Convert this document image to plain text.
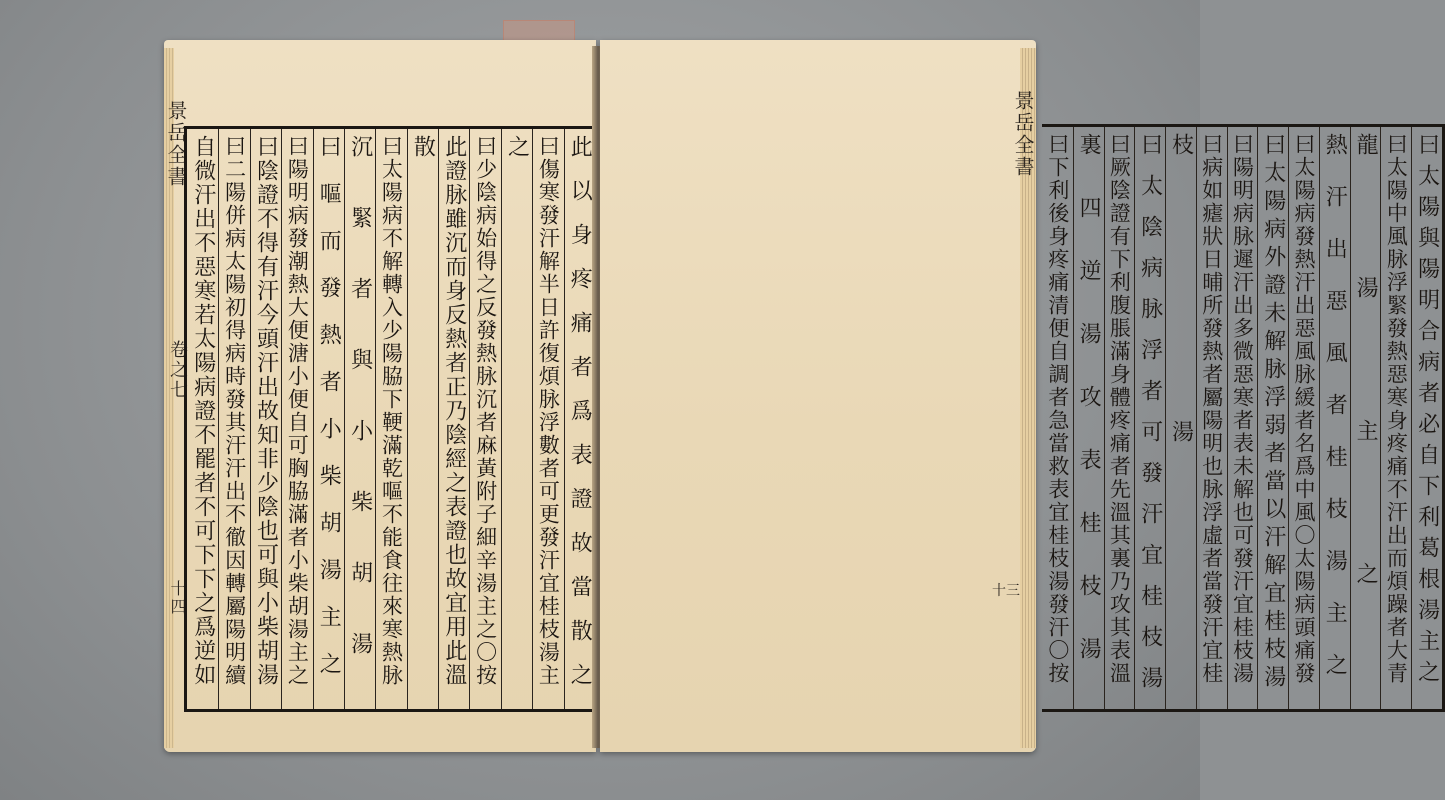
景岳全書
卷之七
十四	此以身疼痛者爲表證故當散之
曰傷寒發汗解半日許復煩脉浮數者可更發汗宜桂枝湯主
之
曰少陰病始得之反發熱脉沉者麻黃附子細辛湯主之〇按
此證脉雖沉而身反熱者正乃陰經之表證也故宜用此溫
散
曰太陽病不解轉入少陽脇下鞕滿乾嘔不能食往來寒熱脉
沉緊者與小柴胡湯
曰嘔而發熱者小柴胡湯主之
曰陽明病發潮熱大便溏小便自可胸脇滿者小柴胡湯主之
曰陰證不得有汗今頭汗出故知非少陰也可與小柴胡湯
曰二陽併病太陽初得病時發其汗汗出不徹因轉屬陽明續
自微汗出不惡寒若太陽病證不罷者不可下下之爲逆如
景岳全書
十三	曰太陽與陽明合病者必自下利葛根湯主之
曰太陽中風脉浮緊發熱惡寒身疼痛不汗出而煩躁者大青
龍湯主之
熱汗出惡風者桂枝湯主之
曰太陽病發熱汗出惡風脉緩者名爲中風〇太陽病頭痛發
曰太陽病外證未解脉浮弱者當以汗解宜桂枝湯
曰陽明病脉遲汗出多微惡寒者表未解也可發汗宜桂枝湯
曰病如瘧狀日晡所發熱者屬陽明也脉浮虛者當發汗宜桂
枝湯
曰太陰病脉浮者可發汗宜桂枝湯
曰厥陰證有下利腹脹滿身體疼痛者先溫其裏乃攻其表溫
裏四逆湯攻表桂枝湯
曰下利後身疼痛清便自調者急當救表宜桂枝湯發汗〇按
